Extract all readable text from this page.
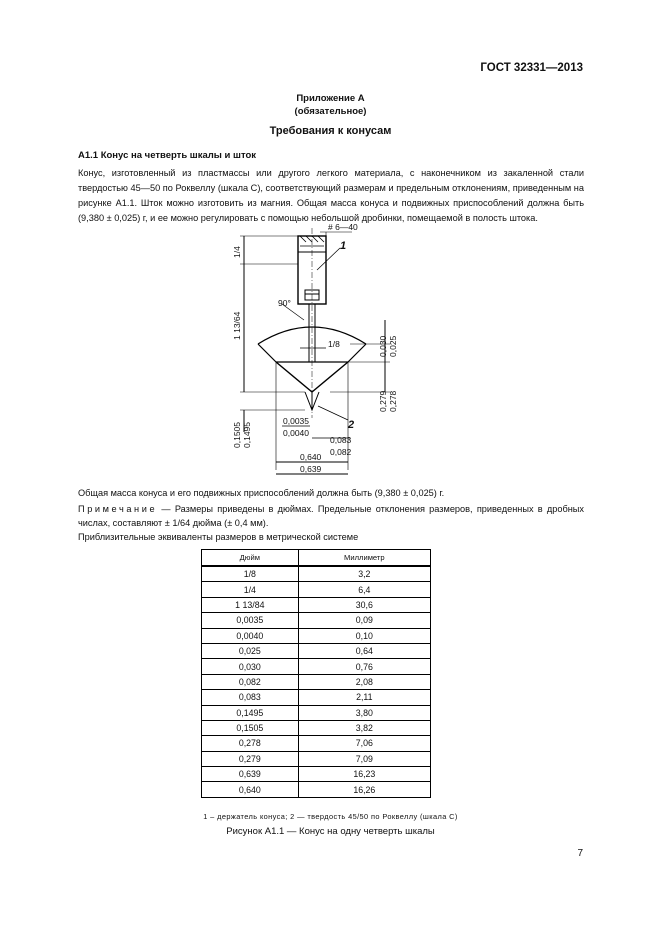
ГОСТ 32331—2013
Приложение А
(обязательное)
Требования к конусам
А1.1 Конус на четверть шкалы и шток
Конус, изготовленный из пластмассы или другого легкого материала, с наконечником из закаленной стали твердостью 45—50 по Роквеллу (шкала С), соответствующий размерам и предельным отклонениям, приведенным на рисунке А1.1. Шток можно изготовить из магния. Общая масса конуса и подвижных приспособлений должна быть (9,380 ± 0,025) г, и ее можно регулировать с помощью небольшой дробинки, помещаемой в полость штока.
# 6—40
1
2
1/4
1 13/64
90°
1/8	0,030 0,025
0,279 0,278
0,1505 0,1495
0,0035
0,0040
0,083
0,082
0,640
0,639
Общая масса конуса и его подвижных приспособлений должна быть (9,380 ± 0,025) г.
Примечание — Размеры приведены в дюймах. Предельные отклонения размеров, приведенных в дробных числах, составляют ± 1/64 дюйма (± 0,4 мм).
Приблизительные эквиваленты размеров в метрической системе
Дюйм	Миллиметр
1/8	3,2
1/4	6,4
1 13/84	30,6
0,0035	0,09
0,0040	0,10
0,025	0,64
0,030	0,76
0,082	2,08
0,083	2,11
0,1495	3,80
0,1505	3,82
0,278	7,06
0,279	7,09
0,639	16,23
0,640	16,26
1 – держатель конуса; 2 — твердость 45/50 по Роквеллу (шкала С)
Рисунок А1.1 — Конус на одну четверть шкалы
7
